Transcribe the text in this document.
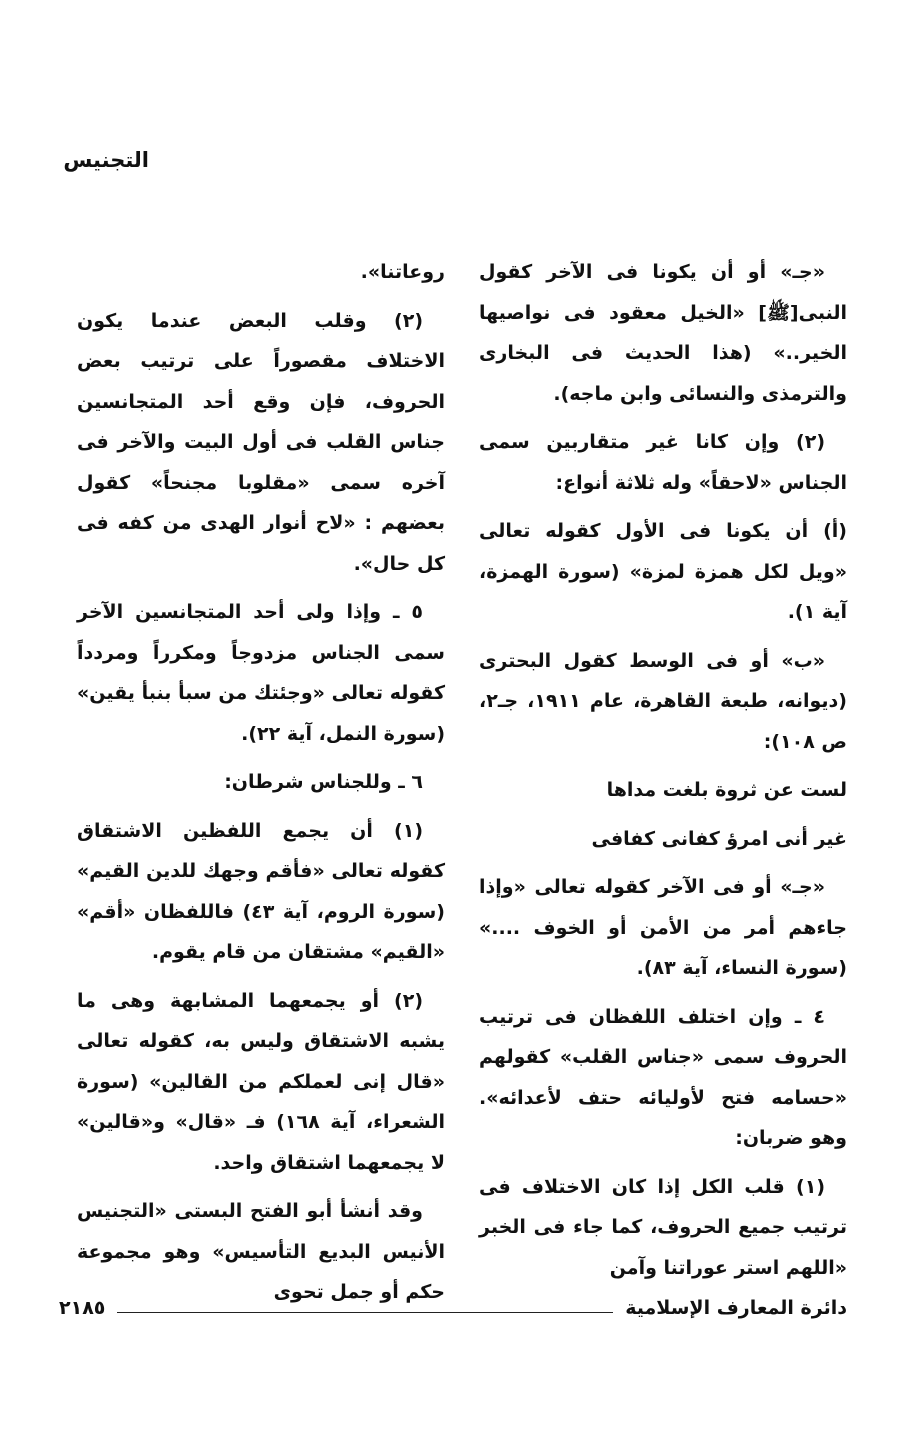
التجنيس

«جـ» أو أن يكونا فى الآخر كقول النبى[ﷺ] «الخيل معقود فى نواصيها الخير..» (هذا الحديث فى البخارى والترمذى والنسائى وابن ماجه).

(٢) وإن كانا غير متقاربين سمى الجناس «لاحقاً» وله ثلاثة أنواع:

(أ) أن يكونا فى الأول كقوله تعالى «ويل لكل همزة لمزة» (سورة الهمزة، آية ١).

«ب» أو فى الوسط كقول البحترى (ديوانه، طبعة القاهرة، عام ١٩١١، جـ٢، ص ١٠٨):

لست عن ثروة بلغت مداها

غير أنى امرؤ كفانى كفافى

«جـ» أو فى الآخر كقوله تعالى «وإذا جاءهم أمر من الأمن أو الخوف ....» (سورة النساء، آية ٨٣).

٤ ـ وإن اختلف اللفظان فى ترتيب الحروف سمى «جناس القلب» كقولهم «حسامه فتح لأوليائه حتف لأعدائه». وهو ضربان:

(١) قلب الكل إذا كان الاختلاف فى ترتيب جميع الحروف، كما جاء فى الخبر «اللهم استر عوراتنا وآمن

روعاتنا».

(٢) وقلب البعض عندما يكون الاختلاف مقصوراً على ترتيب بعض الحروف، فإن وقع أحد المتجانسين جناس القلب فى أول البيت والآخر فى آخره سمى «مقلوبا مجنحاً» كقول بعضهم : «لاح أنوار الهدى من كفه فى كل حال».

٥ ـ وإذا ولى أحد المتجانسين الآخر سمى الجناس مزدوجاً ومكرراً ومردداً كقوله تعالى «وجئتك من سبأ بنبأ يقين» (سورة النمل، آية ٢٢).

٦ ـ وللجناس شرطان:

(١) أن يجمع اللفظين الاشتقاق كقوله تعالى «فأقم وجهك للدين القيم» (سورة الروم، آية ٤٣) فاللفظان «أقم» «القيم» مشتقان من قام يقوم.

(٢) أو يجمعهما المشابهة وهى ما يشبه الاشتقاق وليس به، كقوله تعالى «قال إنى لعملكم من القالين» (سورة الشعراء، آية ١٦٨) فـ «قال» و«قالين» لا يجمعهما اشتقاق واحد.

وقد أنشأ أبو الفتح البستى «التجنيس الأنيس البديع التأسيس» وهو مجموعة حكم أو جمل تحوى

دائرة المعارف الإسلامية
٢١٨٥
